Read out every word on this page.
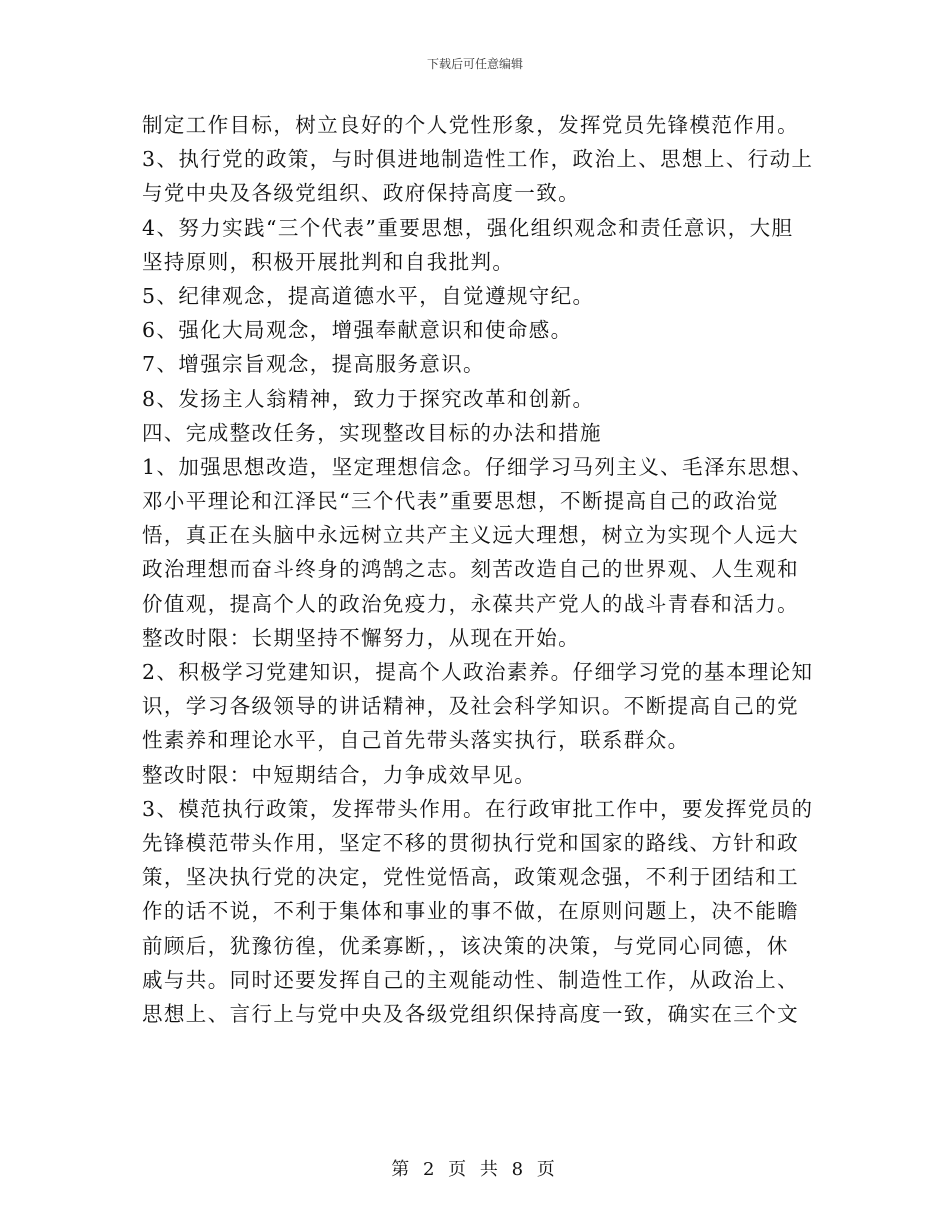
下载后可任意编辑
制定工作目标，树立良好的个人党性形象，发挥党员先锋模范作用。
3、执行党的政策，与时俱进地制造性工作，政治上、思想上、行动上
与党中央及各级党组织、政府保持高度一致。
4、努力实践“三个代表”重要思想，强化组织观念和责任意识，大胆
坚持原则，积极开展批判和自我批判。
5、纪律观念，提高道德水平，自觉遵规守纪。
6、强化大局观念，增强奉献意识和使命感。
7、增强宗旨观念，提高服务意识。
8、发扬主人翁精神，致力于探究改革和创新。
四、完成整改任务，实现整改目标的办法和措施
1、加强思想改造，坚定理想信念。仔细学习马列主义、毛泽东思想、
邓小平理论和江泽民“三个代表”重要思想，不断提高自己的政治觉
悟，真正在头脑中永远树立共产主义远大理想，树立为实现个人远大
政治理想而奋斗终身的鸿鹄之志。刻苦改造自己的世界观、人生观和
价值观，提高个人的政治免疫力，永葆共产党人的战斗青春和活力。
整改时限：长期坚持不懈努力，从现在开始。
2、积极学习党建知识，提高个人政治素养。仔细学习党的基本理论知
识，学习各级领导的讲话精神，及社会科学知识。不断提高自己的党
性素养和理论水平，自己首先带头落实执行，联系群众。
整改时限：中短期结合，力争成效早见。
3、模范执行政策，发挥带头作用。在行政审批工作中，要发挥党员的
先锋模范带头作用，坚定不移的贯彻执行党和国家的路线、方针和政
策，坚决执行党的决定，党性觉悟高，政策观念强，不利于团结和工
作的话不说，不利于集体和事业的事不做，在原则问题上，决不能瞻
前顾后，犹豫彷徨，优柔寡断，，该决策的决策，与党同心同德，休
戚与共。同时还要发挥自己的主观能动性、制造性工作，从政治上、
思想上、言行上与党中央及各级党组织保持高度一致，确实在三个文
第 2 页 共 8 页
